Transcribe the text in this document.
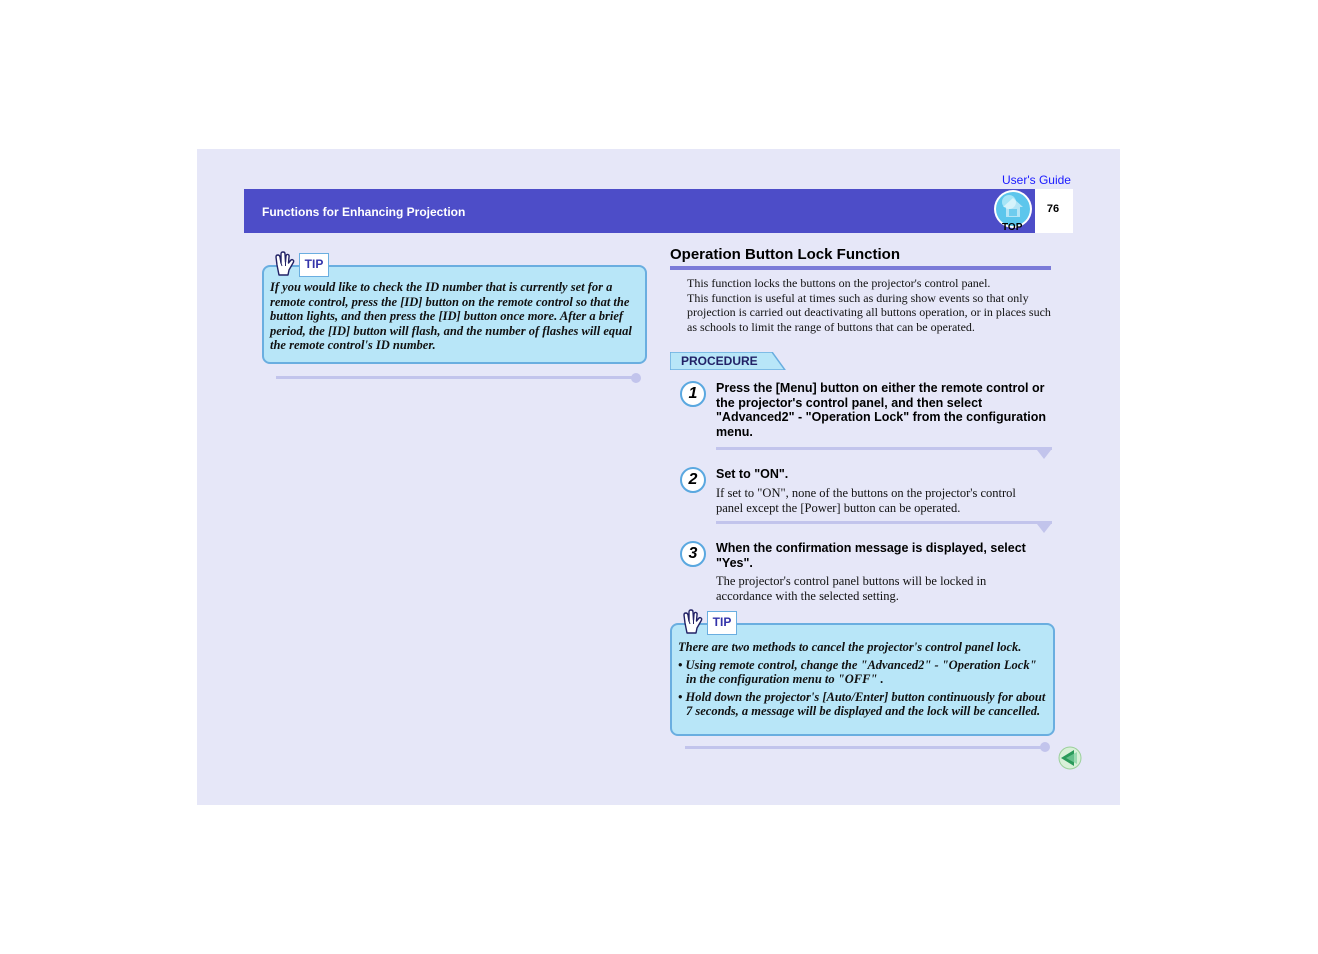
User's Guide
Functions for Enhancing Projection	76
TOP
TIP

If you would like to check the ID number that is currently set for a remote control, press the [ID] button on the remote control so that the button lights, and then press the [ID] button once more. After a brief period, the [ID] button will flash, and the number of flashes will equal the remote control's ID number.

Operation Button Lock Function

This function locks the buttons on the projector's control panel.

This function is useful at times such as during show events so that only projection is carried out deactivating all buttons operation, or in places such as schools to limit the range of buttons that can be operated.

PROCEDURE
1	Press the [Menu] button on either the remote control or the projector's control panel, and then select "Advanced2" - "Operation Lock" from the configuration menu.
2	Set to "ON".
If set to "ON", none of the buttons on the projector's control panel except the [Power] button can be operated.
3	When the confirmation message is displayed, select "Yes".
The projector's control panel buttons will be locked in accordance with the selected setting.
TIP

There are two methods to cancel the projector's control panel lock.

• Using remote control, change the "Advanced2" - "Operation Lock" in the configuration menu to "OFF" .

• Hold down the projector's [Auto/Enter] button continuously for about 7 seconds, a message will be displayed and the lock will be cancelled.
